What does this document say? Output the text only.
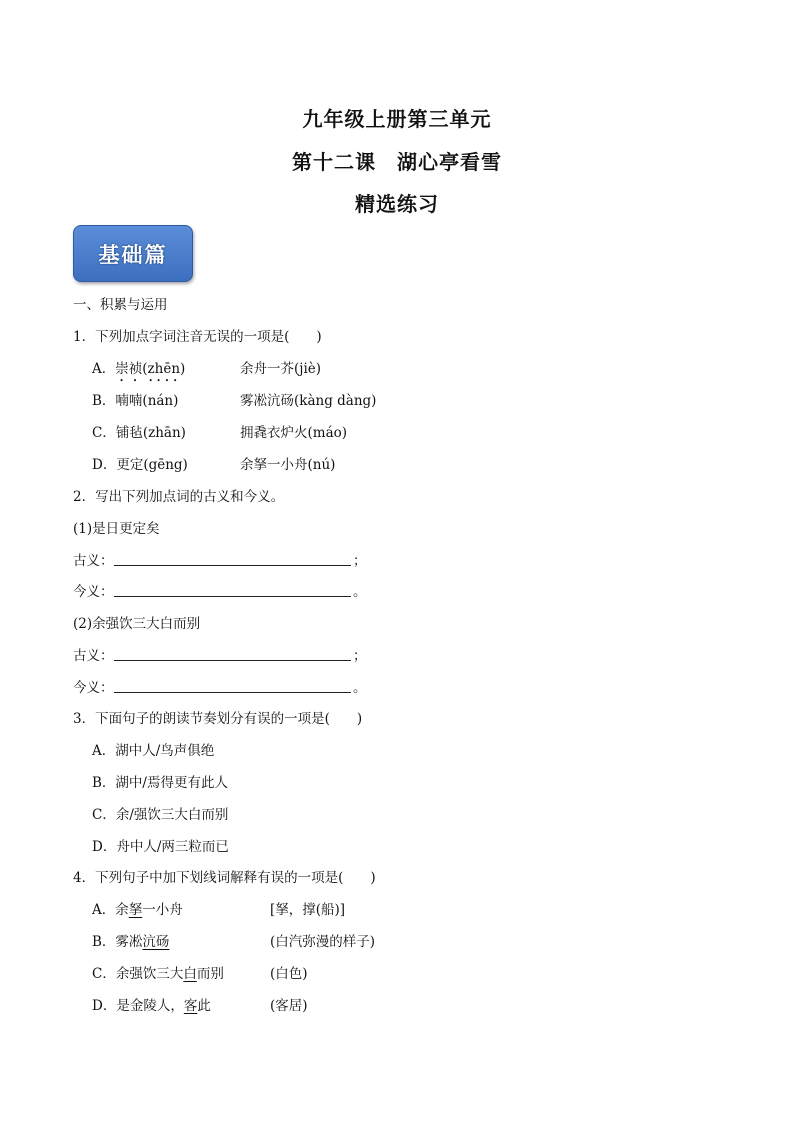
九年级上册第三单元
第十二课　湖心亭看雪
精选练习
基础篇
一、积累与运用
1．下列加点字词注音无误的一项是(　　)
A．崇祯(zhēn)	余舟一芥(jiè)
B．喃喃(nán)	雾凇沆砀(kàng dàng)
C．铺毡(zhān)	拥毳衣炉火(máo)
D．更定(gēng)	余拏一小舟(nú)
2．写出下列加点词的古义和今义。
(1)是日更定矣
古义：	；
今义：	。
(2)余强饮三大白而别
古义：	；
今义：	。
3．下面句子的朗读节奏划分有误的一项是(　　)
A．湖中人/鸟声俱绝
B．湖中/焉得更有此人
C．余/强饮三大白而别
D．舟中人/两三粒而已
4．下列句子中加下划线词解释有误的一项是(　　)
A．余拏一小舟	[拏，撑(船)]
B．雾凇沆砀	(白汽弥漫的样子)
C．余强饮三大白而别	(白色)
D．是金陵人，客此	(客居)
